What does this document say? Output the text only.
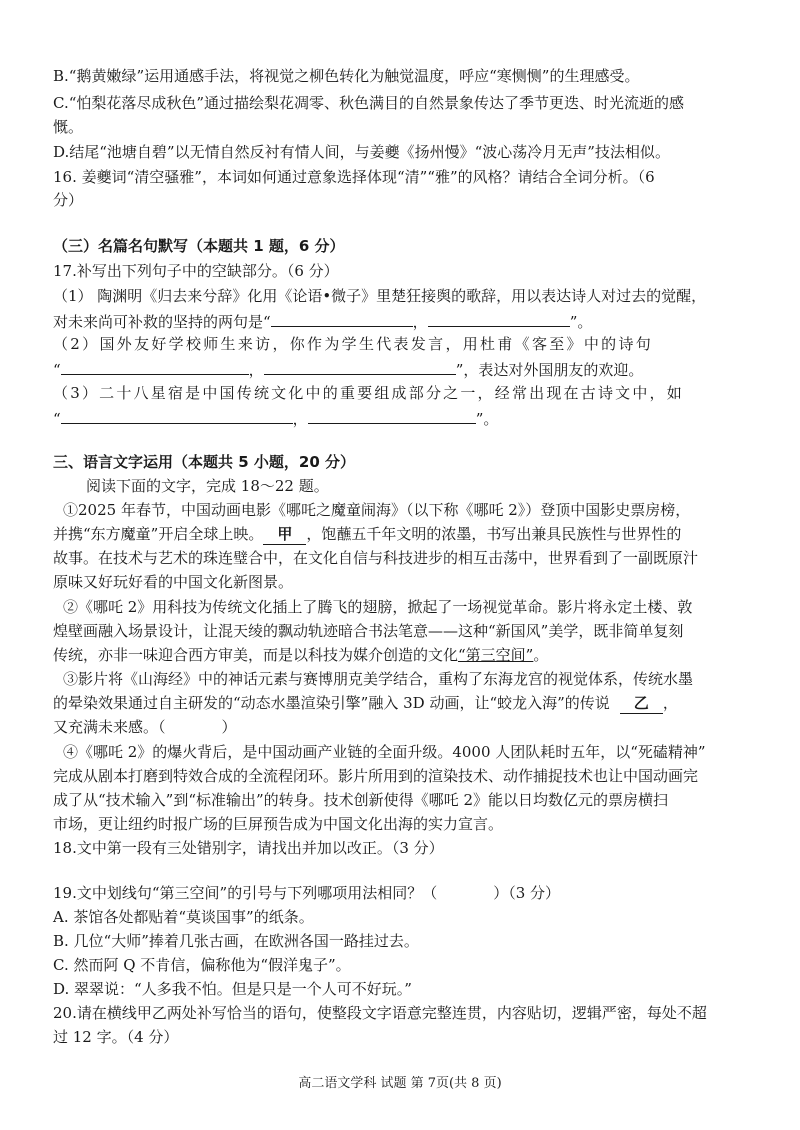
B.“鹅黄嫩绿”运用通感手法，将视觉之柳色转化为触觉温度，呼应“寒恻恻”的生理感受。
C.“怕梨花落尽成秋色”通过描绘梨花凋零、秋色满目的自然景象传达了季节更迭、时光流逝的感
慨。
D.结尾“池塘自碧”以无情自然反衬有情人间，与姜夔《扬州慢》“波心荡冷月无声”技法相似。
16. 姜夔词“清空骚雅”，本词如何通过意象选择体现“清”“雅”的风格？请结合全词分析。（6
分）
（三）名篇名句默写（本题共 1 题，6 分）
17.补写出下列句子中的空缺部分。（6 分）
（1） 陶渊明《归去来兮辞》化用《论语•微子》里楚狂接舆的歌辞，用以表达诗人对过去的觉醒，
对未来尚可补救的坚持的两句是“	，	”。
（2）国外友好学校师生来访，你作为学生代表发言，用杜甫《客至》中的诗句
“	，	”，表达对外国朋友的欢迎。
（3）二十八星宿是中国传统文化中的重要组成部分之一，经常出现在古诗文中，如
“	，	”。
三、语言文字运用（本题共 5 小题，20 分）
阅读下面的文字，完成 18～22 题。
①2025 年春节，中国动画电影《哪吒之魔童闹海》（以下称《哪吒 2》）登顶中国影史票房榜，
并携“东方魔童”开启全球上映。 甲 ，饱蘸五千年文明的浓墨，书写出兼具民族性与世界性的
故事。在技术与艺术的珠连璧合中，在文化自信与科技进步的相互击荡中，世界看到了一副既原汁
原味又好玩好看的中国文化新图景。
②《哪吒 2》用科技为传统文化插上了腾飞的翅膀，掀起了一场视觉革命。影片将永定土楼、敦
煌壁画融入场景设计，让混天绫的飘动轨迹暗合书法笔意——这种“新国风”美学，既非简单复刻
传统，亦非一味迎合西方审美，而是以科技为媒介创造的文化“第三空间”。
③影片将《山海经》中的神话元素与赛博朋克美学结合，重构了东海龙宫的视觉体系，传统水墨
的晕染效果通过自主研发的“动态水墨渲染引擎”融入 3D 动画，让“蛟龙入海”的传说 乙 ，
又充满未来感。（	）
④《哪吒 2》的爆火背后，是中国动画产业链的全面升级。4000 人团队耗时五年，以“死磕精神”
完成从剧本打磨到特效合成的全流程闭环。影片所用到的渲染技术、动作捕捉技术也让中国动画完
成了从“技术输入”到“标准输出”的转身。技术创新使得《哪吒 2》能以日均数亿元的票房横扫
市场，更让纽约时报广场的巨屏预告成为中国文化出海的实力宣言。
18.文中第一段有三处错别字，请找出并加以改正。（3 分）
19.文中划线句“第三空间”的引号与下列哪项用法相同？（	）（3 分）
A. 茶馆各处都贴着“莫谈国事”的纸条。
B. 几位“大师”捧着几张古画，在欧洲各国一路挂过去。
C. 然而阿 Q 不肯信，偏称他为“假洋鬼子”。
D. 翠翠说：“人多我不怕。但是只是一个人可不好玩。”
20.请在横线甲乙两处补写恰当的语句，使整段文字语意完整连贯，内容贴切，逻辑严密，每处不超
过 12 字。（4 分）
高二语文学科 试题 第 7页(共 8 页)
